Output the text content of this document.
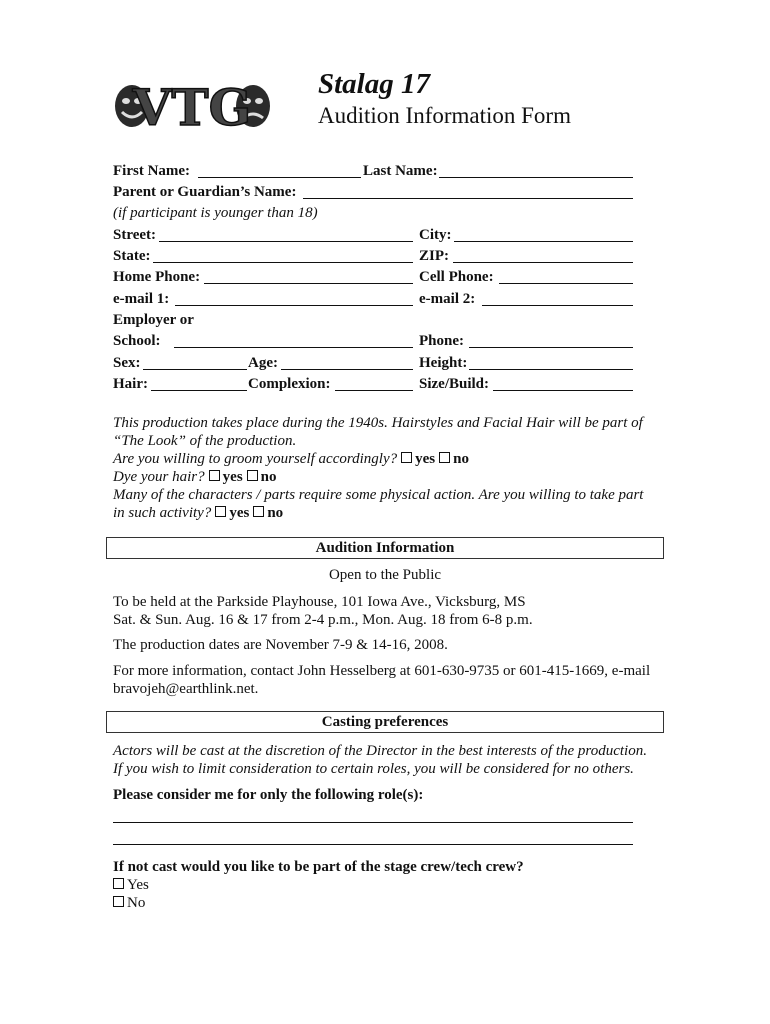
VTG Stalag 17
Audition Information Form
First Name:	Last Name:
Parent or Guardian’s Name:
(if participant is younger than 18)
Street:	City:
State:	ZIP:
Home Phone:	Cell Phone:
e-mail 1:	e-mail 2:
Employer or
School:	Phone:
Sex:	Age:	Height:
Hair:	Complexion:	Size/Build:
This production takes place during the 1940s. Hairstyles and Facial Hair will be part of
“The Look” of the production.
Are you willing to groom yourself accordingly? yes no
Dye your hair? yes no
Many of the characters / parts require some physical action. Are you willing to take part
in such activity? yes no
Audition Information
Open to the Public
To be held at the Parkside Playhouse, 101 Iowa Ave., Vicksburg, MS
Sat. & Sun. Aug. 16 & 17 from 2-4 p.m., Mon. Aug. 18 from 6-8 p.m.
The production dates are November 7-9 & 14-16, 2008.
For more information, contact John Hesselberg at 601-630-9735 or 601-415-1669, e-mail
bravojeh@earthlink.net.
Casting preferences
Actors will be cast at the discretion of the Director in the best interests of the production.
If you wish to limit consideration to certain roles, you will be considered for no others.
Please consider me for only the following role(s):
If not cast would you like to be part of the stage crew/tech crew?
Yes
No
